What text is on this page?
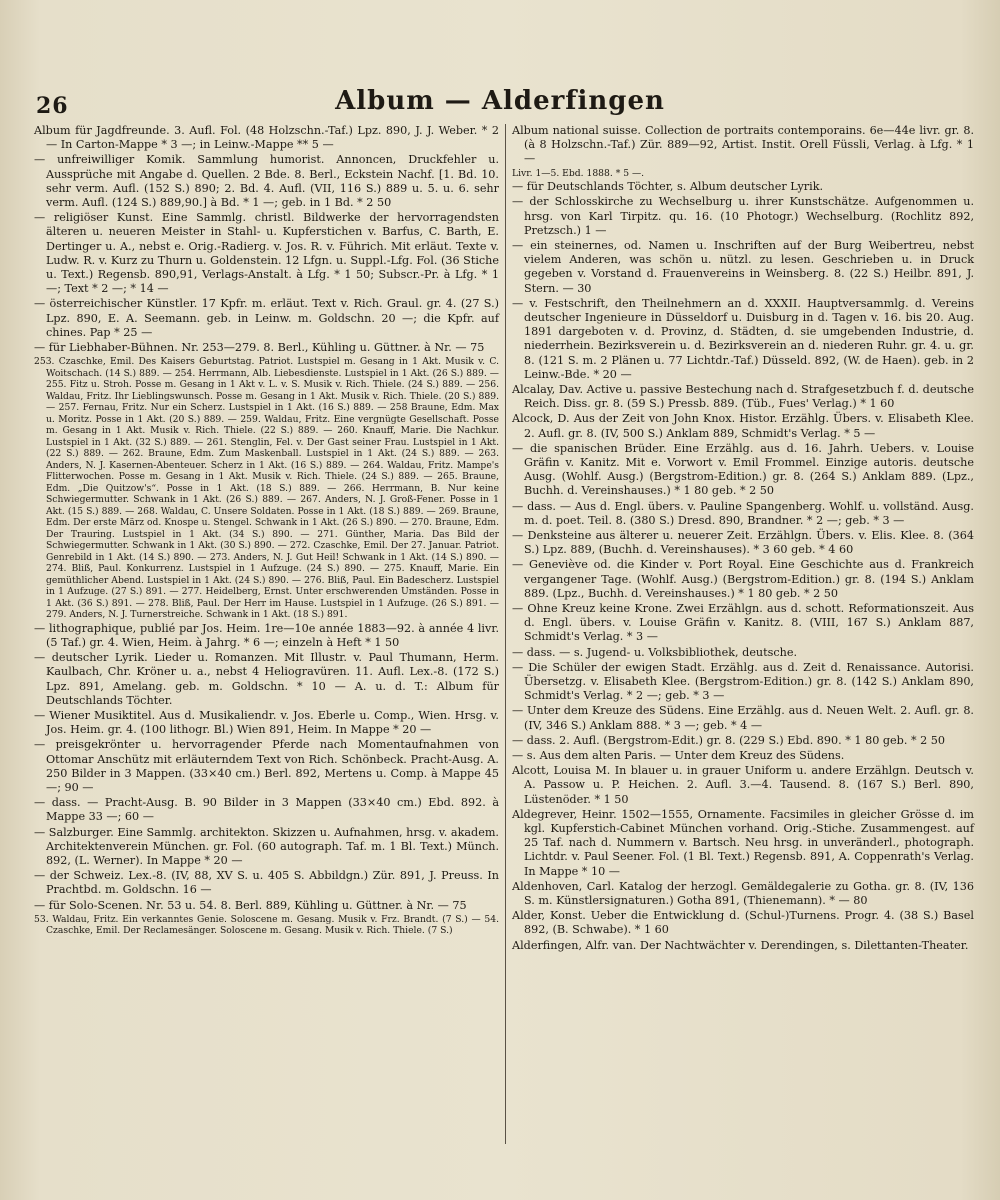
26	Album — Alderfingen

Album für Jagdfreunde. 3. Aufl. Fol. (48 Holzschn.-Taf.) Lpz. 890, J. J. Weber. * 2 — In Carton-Mappe * 3 —; in Leinw.-Mappe ** 5 —

— unfreiwilliger Komik. Sammlung humorist. Annoncen, Druckfehler u. Aussprüche mit Angabe d. Quellen. 2 Bde. 8. Berl., Eckstein Nachf. [1. Bd. 10. sehr verm. Aufl. (152 S.) 890; 2. Bd. 4. Aufl. (VII, 116 S.) 889 u. 5. u. 6. sehr verm. Aufl. (124 S.) 889,90.] à Bd. * 1 —; geb. in 1 Bd. * 2 50

— religiöser Kunst. Eine Sammlg. christl. Bildwerke der hervorragendsten älteren u. neueren Meister in Stahl- u. Kupferstichen v. Barfus, C. Barth, E. Dertinger u. A., nebst e. Orig.-Radierg. v. Jos. R. v. Führich. Mit erläut. Texte v. Ludw. R. v. Kurz zu Thurn u. Goldenstein. 12 Lfgn. u. Suppl.-Lfg. Fol. (36 Stiche u. Text.) Regensb. 890,91, Verlags-Anstalt. à Lfg. * 1 50; Subscr.-Pr. à Lfg. * 1 —; Text * 2 —; * 14 —

— österreichischer Künstler. 17 Kpfr. m. erläut. Text v. Rich. Graul. gr. 4. (27 S.) Lpz. 890, E. A. Seemann. geb. in Leinw. m. Goldschn. 20 —; die Kpfr. auf chines. Pap * 25 —

— für Liebhaber-Bühnen. Nr. 253—279. 8. Berl., Kühling u. Güttner. à Nr. — 75

253. Czaschke, Emil. Des Kaisers Geburtstag. Patriot. Lustspiel m. Gesang in 1 Akt. Musik v. C. Woitschach. (14 S.) 889. — 254. Herrmann, Alb. Liebesdienste. Lustspiel in 1 Akt. (26 S.) 889. — 255. Fitz u. Stroh. Posse m. Gesang in 1 Akt v. L. v. S. Musik v. Rich. Thiele. (24 S.) 889. — 256. Waldau, Fritz. Ihr Lieblingswunsch. Posse m. Gesang in 1 Akt. Musik v. Rich. Thiele. (20 S.) 889. — 257. Fernau, Fritz. Nur ein Scherz. Lustspiel in 1 Akt. (16 S.) 889. — 258 Braune, Edm. Max u. Moritz. Posse in 1 Akt. (20 S.) 889. — 259. Waldau, Fritz. Eine vergnügte Gesellschaft. Posse m. Gesang in 1 Akt. Musik v. Rich. Thiele. (22 S.) 889. — 260. Knauff, Marie. Die Nachkur. Lustspiel in 1 Akt. (32 S.) 889. — 261. Stenglin, Fel. v. Der Gast seiner Frau. Lustspiel in 1 Akt. (22 S.) 889. — 262. Braune, Edm. Zum Maskenball. Lustspiel in 1 Akt. (24 S.) 889. — 263. Anders, N. J. Kasernen-Abenteuer. Scherz in 1 Akt. (16 S.) 889. — 264. Waldau, Fritz. Mampe's Flitterwochen. Posse m. Gesang in 1 Akt. Musik v. Rich. Thiele. (24 S.) 889. — 265. Braune, Edm. „Die Quitzow's“. Posse in 1 Akt. (18 S.) 889. — 266. Herrmann, B. Nur keine Schwiegermutter. Schwank in 1 Akt. (26 S.) 889. — 267. Anders, N. J. Groß-Fener. Posse in 1 Akt. (15 S.) 889. — 268. Waldau, C. Unsere Soldaten. Posse in 1 Akt. (18 S.) 889. — 269. Braune, Edm. Der erste März od. Knospe u. Stengel. Schwank in 1 Akt. (26 S.) 890. — 270. Braune, Edm. Der Trauring. Lustspiel in 1 Akt. (34 S.) 890. — 271. Günther, Maria. Das Bild der Schwiegermutter. Schwank in 1 Akt. (30 S.) 890. — 272. Czaschke, Emil. Der 27. Januar. Patriot. Genrebild in 1 Akt. (14 S.) 890. — 273. Anders, N. J. Gut Heil! Schwank in 1 Akt. (14 S.) 890. — 274. Bliß, Paul. Konkurrenz. Lustspiel in 1 Aufzuge. (24 S.) 890. — 275. Knauff, Marie. Ein gemüthlicher Abend. Lustspiel in 1 Akt. (24 S.) 890. — 276. Bliß, Paul. Ein Badescherz. Lustspiel in 1 Aufzuge. (27 S.) 891. — 277. Heidelberg, Ernst. Unter erschwerenden Umständen. Posse in 1 Akt. (36 S.) 891. — 278. Bliß, Paul. Der Herr im Hause. Lustspiel in 1 Aufzuge. (26 S.) 891. — 279. Anders, N. J. Turnerstreiche. Schwank in 1 Akt. (18 S.) 891.

— lithographique, publié par Jos. Heim. 1re—10e année 1883—92. à année 4 livr. (5 Taf.) gr. 4. Wien, Heim. à Jahrg. * 6 —; einzeln à Heft * 1 50

— deutscher Lyrik. Lieder u. Romanzen. Mit Illustr. v. Paul Thumann, Herm. Kaulbach, Chr. Kröner u. a., nebst 4 Heliogravüren. 11. Aufl. Lex.-8. (172 S.) Lpz. 891, Amelang. geb. m. Goldschn. * 10 — A. u. d. T.: Album für Deutschlands Töchter.

— Wiener Musiktitel. Aus d. Musikaliendr. v. Jos. Eberle u. Comp., Wien. Hrsg. v. Jos. Heim. gr. 4. (100 lithogr. Bl.) Wien 891, Heim. In Mappe * 20 —

— preisgekrönter u. hervorragender Pferde nach Momentaufnahmen von Ottomar Anschütz mit erläuterndem Text von Rich. Schönbeck. Pracht-Ausg. A. 250 Bilder in 3 Mappen. (33×40 cm.) Berl. 892, Mertens u. Comp. à Mappe 45 —; 90 —

— dass. — Pracht-Ausg. B. 90 Bilder in 3 Mappen (33×40 cm.) Ebd. 892. à Mappe 33 —; 60 —

— Salzburger. Eine Sammlg. architekton. Skizzen u. Aufnahmen, hrsg. v. akadem. Architektenverein München. gr. Fol. (60 autograph. Taf. m. 1 Bl. Text.) Münch. 892, (L. Werner). In Mappe * 20 —

— der Schweiz. Lex.-8. (IV, 88, XV S. u. 405 S. Abbildgn.) Zür. 891, J. Preuss. In Prachtbd. m. Goldschn. 16 —

— für Solo-Scenen. Nr. 53 u. 54. 8. Berl. 889, Kühling u. Güttner. à Nr. — 75

53. Waldau, Fritz. Ein verkanntes Genie. Soloscene m. Gesang. Musik v. Frz. Brandt. (7 S.) — 54. Czaschke, Emil. Der Reclamesänger. Soloscene m. Gesang. Musik v. Rich. Thiele. (7 S.)

Album national suisse. Collection de portraits contemporains. 6e—44e livr. gr. 8. (à 8 Holzschn.-Taf.) Zür. 889—92, Artist. Instit. Orell Füssli, Verlag. à Lfg. * 1 —

Livr. 1—5. Ebd. 1888. * 5 —.

— für Deutschlands Töchter, s. Album deutscher Lyrik.

— der Schlosskirche zu Wechselburg u. ihrer Kunstschätze. Aufgenommen u. hrsg. von Karl Tirpitz. qu. 16. (10 Photogr.) Wechselburg. (Rochlitz 892, Pretzsch.) 1 —

— ein steinernes, od. Namen u. Inschriften auf der Burg Weibertreu, nebst vielem Anderen, was schön u. nützl. zu lesen. Geschrieben u. in Druck gegeben v. Vorstand d. Frauenvereins in Weinsberg. 8. (22 S.) Heilbr. 891, J. Stern. — 30

— v. Festschrift, den Theilnehmern an d. XXXII. Hauptversammlg. d. Vereins deutscher Ingenieure in Düsseldorf u. Duisburg in d. Tagen v. 16. bis 20. Aug. 1891 dargeboten v. d. Provinz, d. Städten, d. sie umgebenden Industrie, d. niederrhein. Bezirksverein u. d. Bezirksverein an d. niederen Ruhr. gr. 4. u. gr. 8. (121 S. m. 2 Plänen u. 77 Lichtdr.-Taf.) Düsseld. 892, (W. de Haen). geb. in 2 Leinw.-Bde. * 20 —

Alcalay, Dav. Active u. passive Bestechung nach d. Strafgesetzbuch f. d. deutsche Reich. Diss. gr. 8. (59 S.) Pressb. 889. (Tüb., Fues' Verlag.) * 1 60

Alcock, D. Aus der Zeit von John Knox. Histor. Erzählg. Übers. v. Elisabeth Klee. 2. Aufl. gr. 8. (IV, 500 S.) Anklam 889, Schmidt's Verlag. * 5 —

— die spanischen Brüder. Eine Erzählg. aus d. 16. Jahrh. Uebers. v. Louise Gräfin v. Kanitz. Mit e. Vorwort v. Emil Frommel. Einzige autoris. deutsche Ausg. (Wohlf. Ausg.) (Bergstrom-Edition.) gr. 8. (264 S.) Anklam 889. (Lpz., Buchh. d. Vereinshauses.) * 1 80 geb. * 2 50

— dass. — Aus d. Engl. übers. v. Pauline Spangenberg. Wohlf. u. vollständ. Ausg. m. d. poet. Teil. 8. (380 S.) Dresd. 890, Brandner. * 2 —; geb. * 3 —

— Denksteine aus älterer u. neuerer Zeit. Erzählgn. Übers. v. Elis. Klee. 8. (364 S.) Lpz. 889, (Buchh. d. Vereinshauses). * 3 60 geb. * 4 60

— Geneviève od. die Kinder v. Port Royal. Eine Geschichte aus d. Frankreich vergangener Tage. (Wohlf. Ausg.) (Bergstrom-Edition.) gr. 8. (194 S.) Anklam 889. (Lpz., Buchh. d. Vereinshauses.) * 1 80 geb. * 2 50

— Ohne Kreuz keine Krone. Zwei Erzählgn. aus d. schott. Reformationszeit. Aus d. Engl. übers. v. Louise Gräfin v. Kanitz. 8. (VIII, 167 S.) Anklam 887, Schmidt's Verlag. * 3 —

— dass. — s. Jugend- u. Volksbibliothek, deutsche.

— Die Schüler der ewigen Stadt. Erzählg. aus d. Zeit d. Renaissance. Autorisi. Übersetzg. v. Elisabeth Klee. (Bergstrom-Edition.) gr. 8. (142 S.) Anklam 890, Schmidt's Verlag. * 2 —; geb. * 3 —

— Unter dem Kreuze des Südens. Eine Erzählg. aus d. Neuen Welt. 2. Aufl. gr. 8. (IV, 346 S.) Anklam 888. * 3 —; geb. * 4 —

— dass. 2. Aufl. (Bergstrom-Edit.) gr. 8. (229 S.) Ebd. 890. * 1 80 geb. * 2 50

— s. Aus dem alten Paris. — Unter dem Kreuz des Südens.

Alcott, Louisa M. In blauer u. in grauer Uniform u. andere Erzählgn. Deutsch v. A. Passow u. P. Heichen. 2. Aufl. 3.—4. Tausend. 8. (167 S.) Berl. 890, Lüstenöder. * 1 50

Aldegrever, Heinr. 1502—1555, Ornamente. Facsimiles in gleicher Grösse d. im kgl. Kupferstich-Cabinet München vorhand. Orig.-Stiche. Zusammengest. auf 25 Taf. nach d. Nummern v. Bartsch. Neu hrsg. in unveränderl., photograph. Lichtdr. v. Paul Seener. Fol. (1 Bl. Text.) Regensb. 891, A. Coppenrath's Verlag. In Mappe * 10 —

Aldenhoven, Carl. Katalog der herzogl. Gemäldegalerie zu Gotha. gr. 8. (IV, 136 S. m. Künstlersignaturen.) Gotha 891, (Thienemann). * — 80

Alder, Konst. Ueber die Entwicklung d. (Schul-)Turnens. Progr. 4. (38 S.) Basel 892, (B. Schwabe). * 1 60

Alderfingen, Alfr. van. Der Nachtwächter v. Derendingen, s. Dilettanten-Theater.
